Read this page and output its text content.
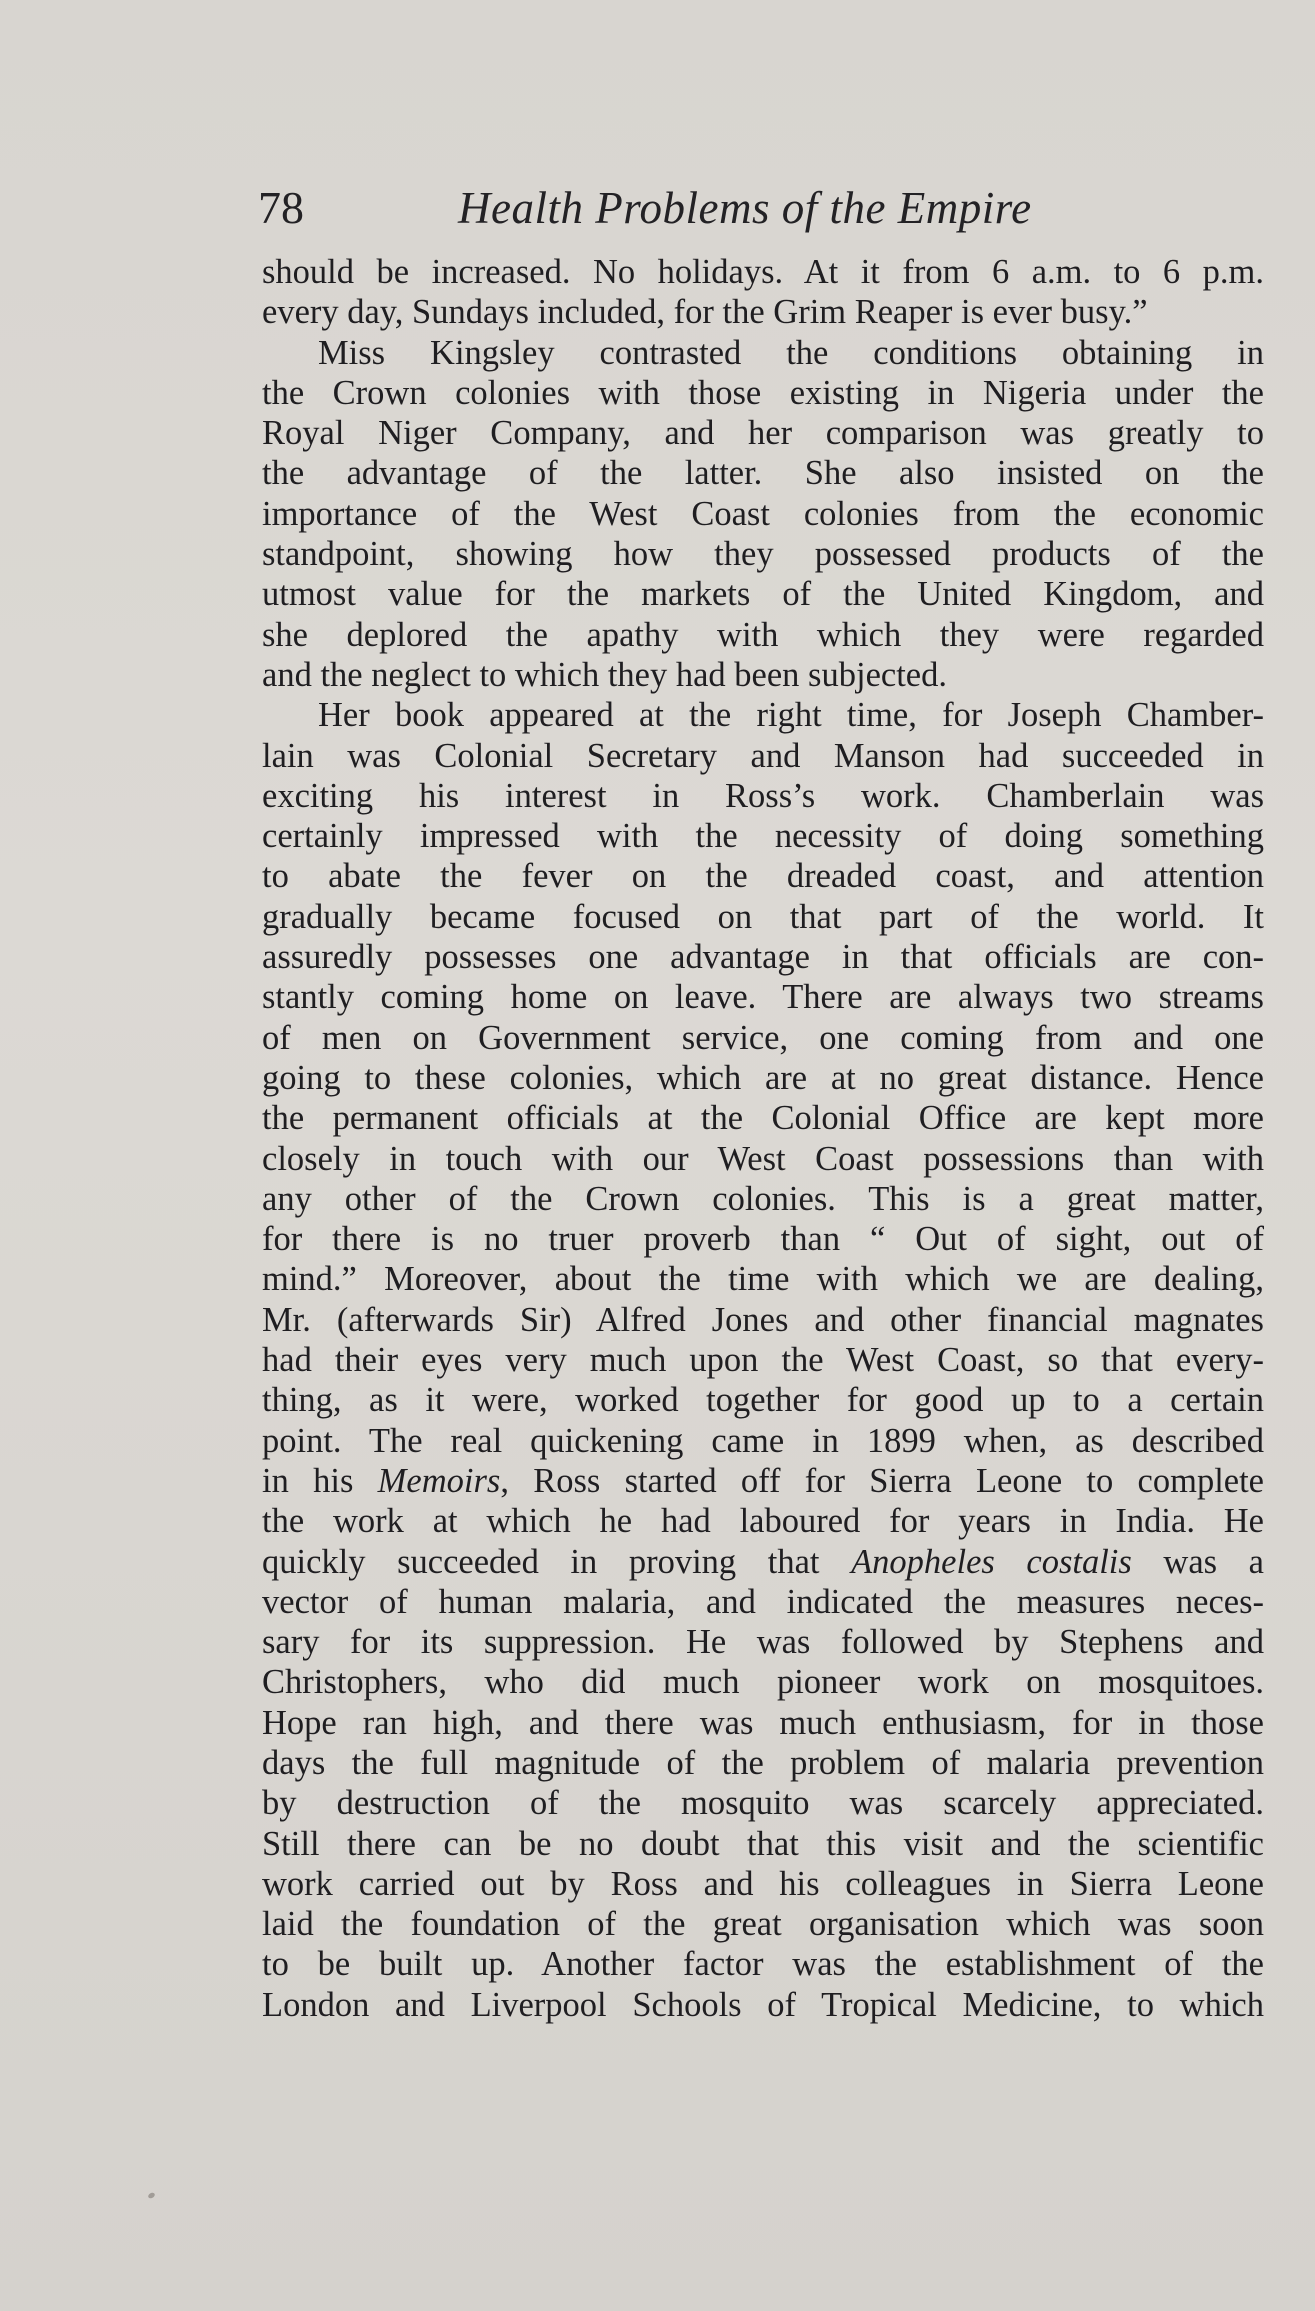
78	Health Problems of the Empire
should be increased. No holidays. At it from 6 a.m. to 6 p.m.
every day, Sundays included, for the Grim Reaper is ever busy.”
Miss Kingsley contrasted the conditions obtaining in
the Crown colonies with those existing in Nigeria under the
Royal Niger Company, and her comparison was greatly to
the advantage of the latter. She also insisted on the
importance of the West Coast colonies from the economic
standpoint, showing how they possessed products of the
utmost value for the markets of the United Kingdom, and
she deplored the apathy with which they were regarded
and the neglect to which they had been subjected.
Her book appeared at the right time, for Joseph Chamber-
lain was Colonial Secretary and Manson had succeeded in
exciting his interest in Ross’s work. Chamberlain was
certainly impressed with the necessity of doing something
to abate the fever on the dreaded coast, and attention
gradually became focused on that part of the world. It
assuredly possesses one advantage in that officials are con-
stantly coming home on leave. There are always two streams
of men on Government service, one coming from and one
going to these colonies, which are at no great distance. Hence
the permanent officials at the Colonial Office are kept more
closely in touch with our West Coast possessions than with
any other of the Crown colonies. This is a great matter,
for there is no truer proverb than “ Out of sight, out of
mind.” Moreover, about the time with which we are dealing,
Mr. (afterwards Sir) Alfred Jones and other financial magnates
had their eyes very much upon the West Coast, so that every-
thing, as it were, worked together for good up to a certain
point. The real quickening came in 1899 when, as described
in his Memoirs, Ross started off for Sierra Leone to complete
the work at which he had laboured for years in India. He
quickly succeeded in proving that Anopheles costalis was a
vector of human malaria, and indicated the measures neces-
sary for its suppression. He was followed by Stephens and
Christophers, who did much pioneer work on mosquitoes.
Hope ran high, and there was much enthusiasm, for in those
days the full magnitude of the problem of malaria prevention
by destruction of the mosquito was scarcely appreciated.
Still there can be no doubt that this visit and the scientific
work carried out by Ross and his colleagues in Sierra Leone
laid the foundation of the great organisation which was soon
to be built up. Another factor was the establishment of the
London and Liverpool Schools of Tropical Medicine, to which
